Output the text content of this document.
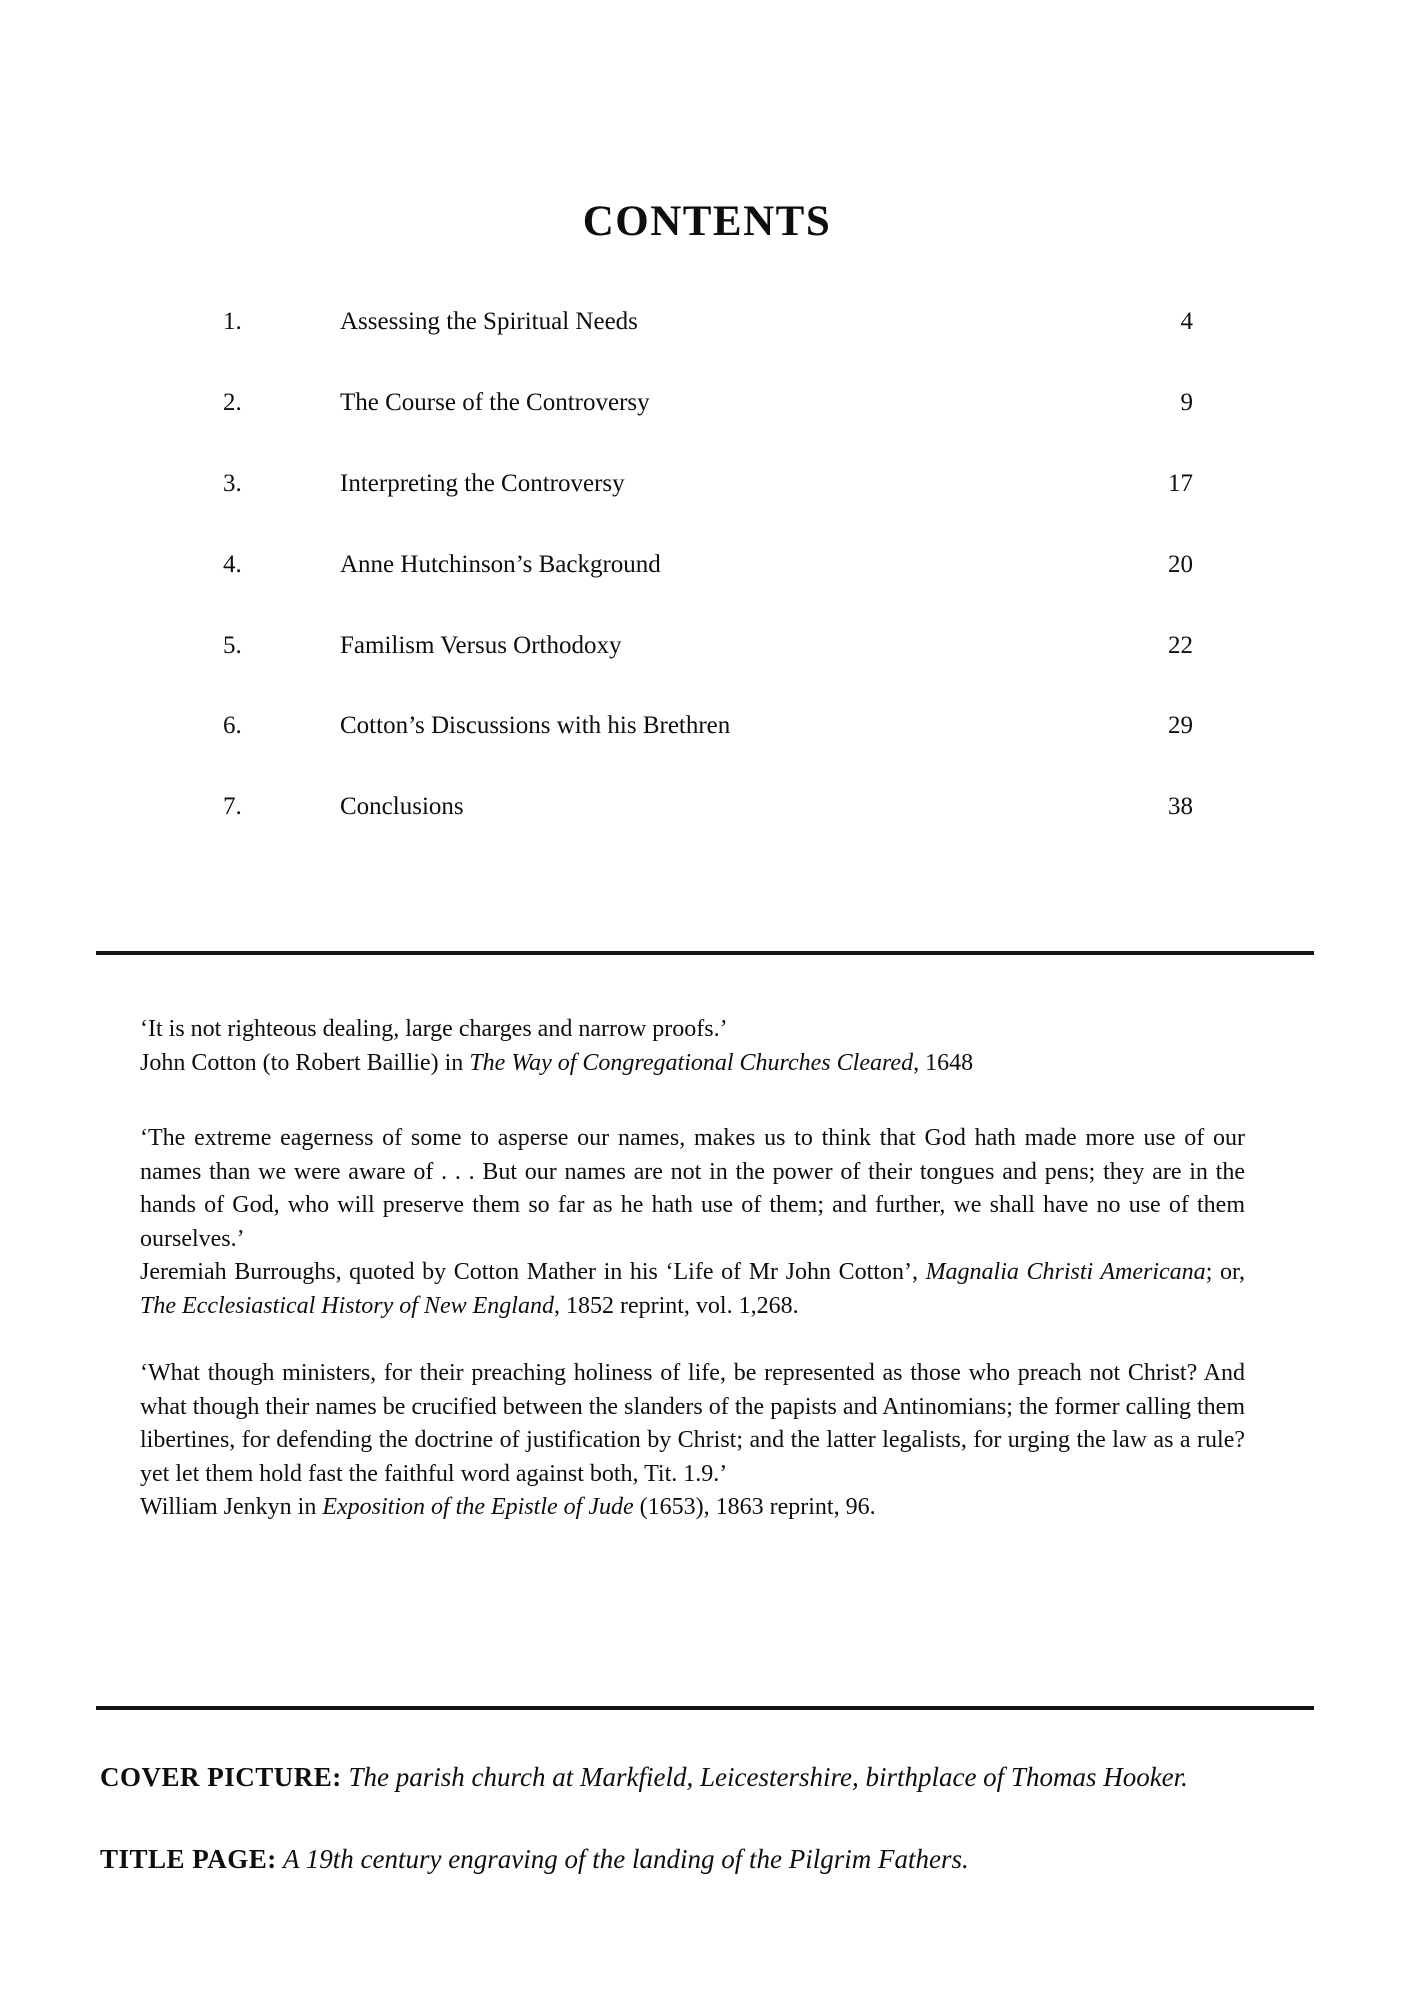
CONTENTS
1.	Assessing the Spiritual Needs	4
2.	The Course of the Controversy	9
3.	Interpreting the Controversy	17
4.	Anne Hutchinson’s Background	20
5.	Familism Versus Orthodoxy	22
6.	Cotton’s Discussions with his Brethren	29
7.	Conclusions	38

‘It is not righteous dealing, large charges and narrow proofs.’

John Cotton (to Robert Baillie) in The Way of Congregational Churches Cleared, 1648

‘The extreme eagerness of some to asperse our names, makes us to think that God hath made more use of our names than we were aware of . . . But our names are not in the power of their tongues and pens; they are in the hands of God, who will preserve them so far as he hath use of them; and further, we shall have no use of them ourselves.’

Jeremiah Burroughs, quoted by Cotton Mather in his ‘Life of Mr John Cotton’, Magnalia Christi Americana; or, The Ecclesiastical History of New England, 1852 reprint, vol. 1,268.

‘What though ministers, for their preaching holiness of life, be represented as those who preach not Christ? And what though their names be crucified between the slanders of the papists and Antinomians; the former calling them libertines, for defending the doctrine of justification by Christ; and the latter legalists, for urging the law as a rule? yet let them hold fast the faithful word against both, Tit. 1.9.’

William Jenkyn in Exposition of the Epistle of Jude (1653), 1863 reprint, 96.

COVER PICTURE: The parish church at Markfield, Leicestershire, birthplace of Thomas Hooker.
TITLE PAGE: A 19th century engraving of the landing of the Pilgrim Fathers.
